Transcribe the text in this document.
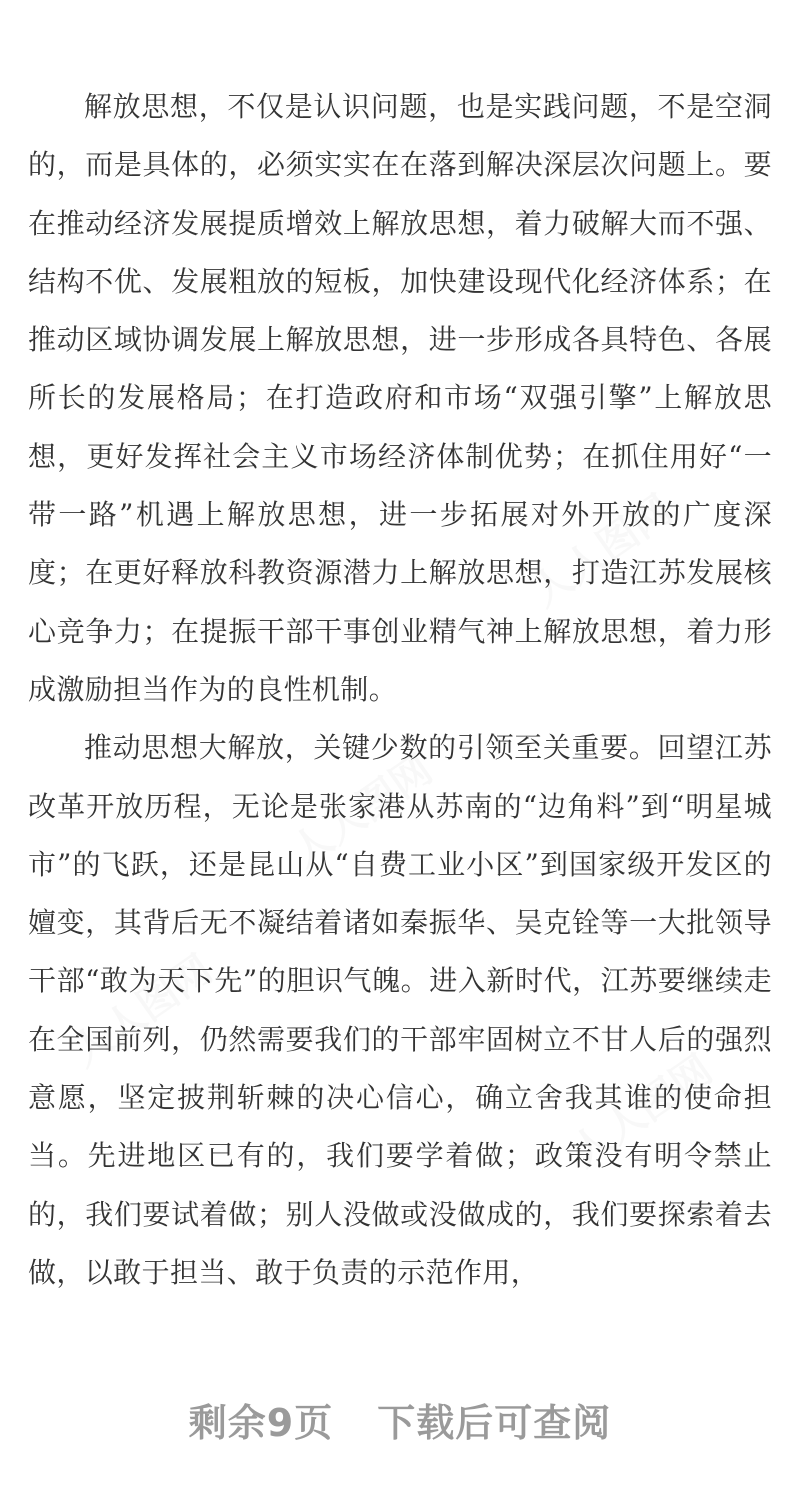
人人图网
人人图网
人人图网
人人图网

解放思想，不仅是认识问题，也是实践问题，不是空洞的，而是具体的，必须实实在在落到解决深层次问题上。要在推动经济发展提质增效上解放思想，着力破解大而不强、结构不优、发展粗放的短板，加快建设现代化经济体系；在推动区域协调发展上解放思想，进一步形成各具特色、各展所长的发展格局；在打造政府和市场“双强引擎”上解放思想，更好发挥社会主义市场经济体制优势；在抓住用好“一带一路”机遇上解放思想，进一步拓展对外开放的广度深度；在更好释放科教资源潜力上解放思想，打造江苏发展核心竞争力；在提振干部干事创业精气神上解放思想，着力形成激励担当作为的良性机制。

推动思想大解放，关键少数的引领至关重要。回望江苏改革开放历程，无论是张家港从苏南的“边角料”到“明星城市”的飞跃，还是昆山从“自费工业小区”到国家级开发区的嬗变，其背后无不凝结着诸如秦振华、吴克铨等一大批领导干部“敢为天下先”的胆识气魄。进入新时代，江苏要继续走在全国前列，仍然需要我们的干部牢固树立不甘人后的强烈意愿，坚定披荆斩棘的决心信心，确立舍我其谁的使命担当。先进地区已有的，我们要学着做；政策没有明令禁止的，我们要试着做；别人没做或没做成的，我们要探索着去做，以敢于担当、敢于负责的示范作用，

剩余9页 下载后可查阅
